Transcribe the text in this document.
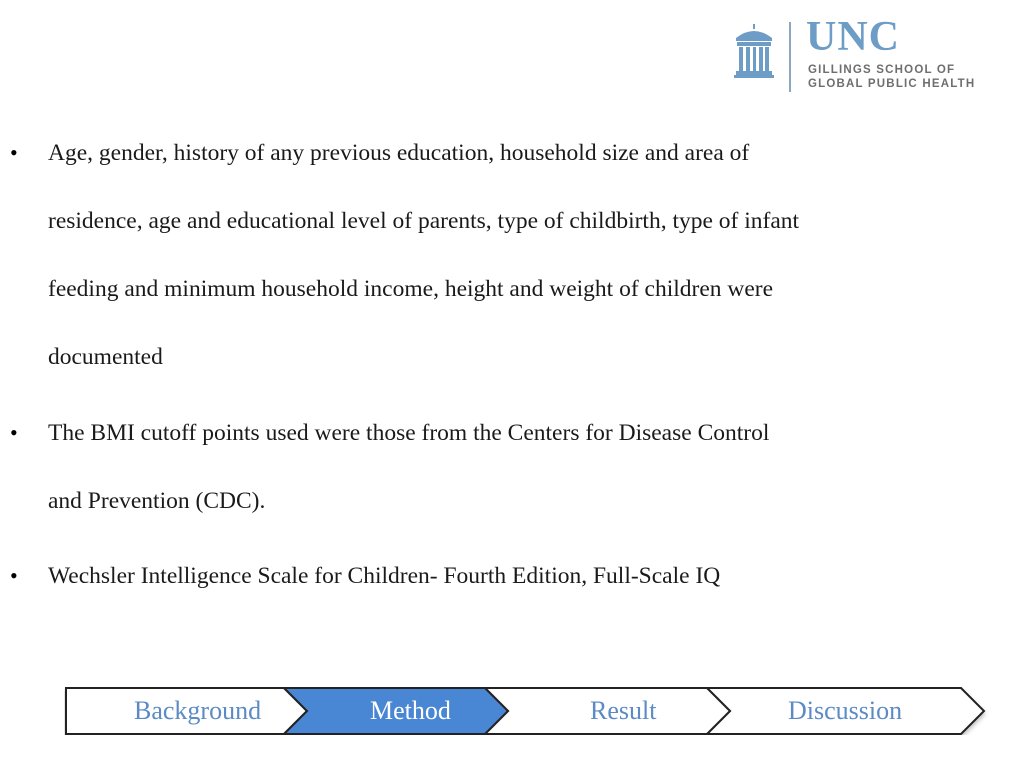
UNC
GILLINGS SCHOOL OF
GLOBAL PUBLIC HEALTH
• Age, gender, history of any previous education, household size and area of
residence, age and educational level of parents, type of childbirth, type of infant
feeding and minimum household income, height and weight of children were
documented
• The BMI cutoff points used were those from the Centers for Disease Control
and Prevention (CDC).
• Wechsler Intelligence Scale for Children- Fourth Edition, Full-Scale IQ
Background	Method	Result	Discussion
